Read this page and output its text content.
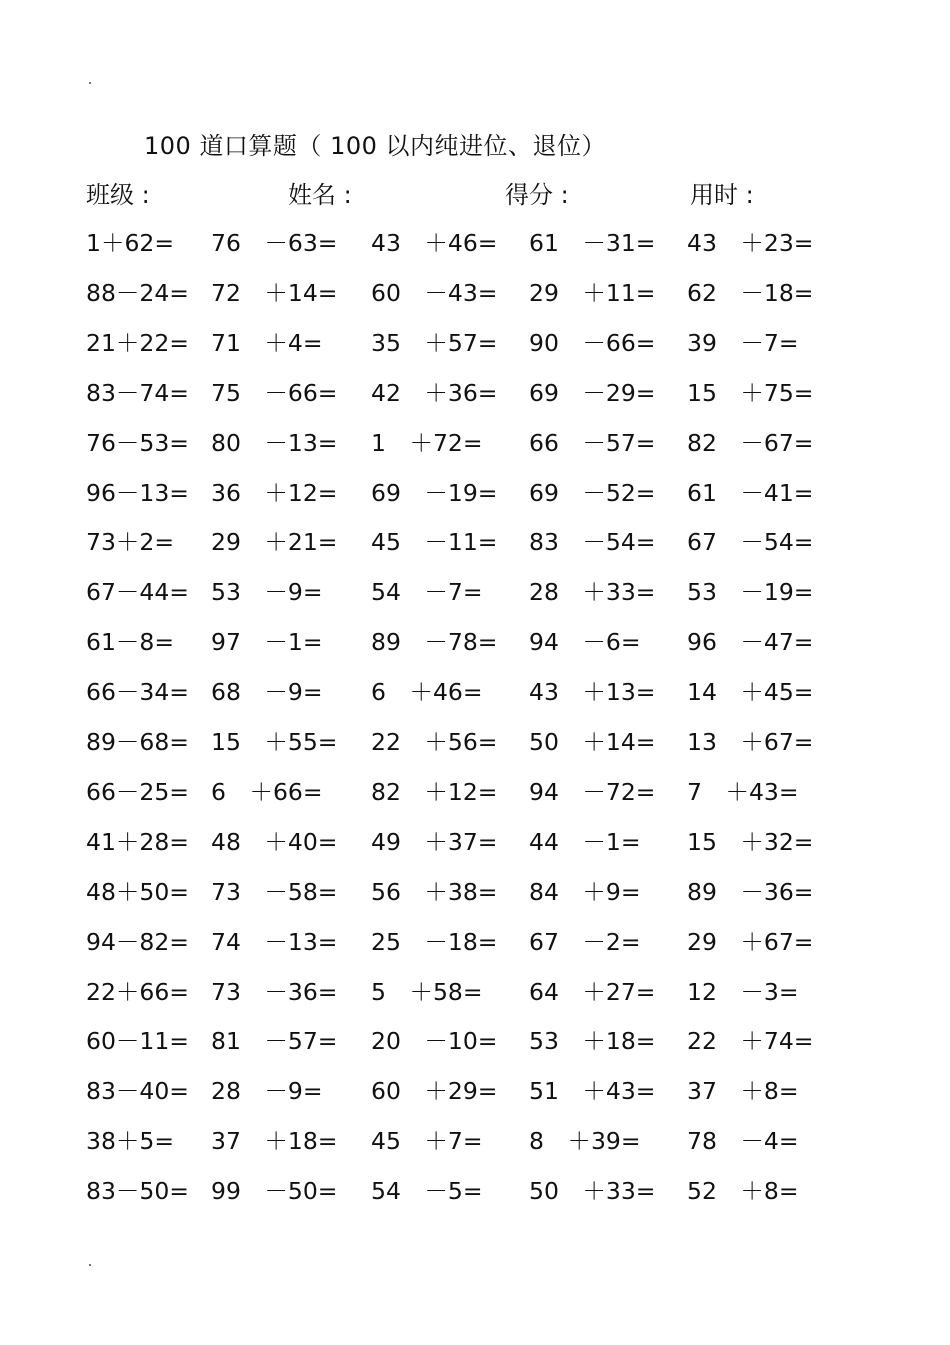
100 道口算题（ 100 以内纯进位、退位）
班级 :	姓名 :	得分 :	用时 :
1＋62= 76　－63= 43　＋46= 61　－31= 43　＋23=
88－24= 72　＋14= 60　－43= 29　＋11= 62　－18=
21＋22= 71　＋4= 35　＋57= 90　－66= 39　－7=
83－74= 75　－66= 42　＋36= 69　－29= 15　＋75=
76－53= 80　－13= 1　＋72= 66　－57= 82　－67=
96－13= 36　＋12= 69　－19= 69　－52= 61　－41=
73＋2= 29　＋21= 45　－11= 83　－54= 67　－54=
67－44= 53　－9= 54　－7= 28　＋33= 53　－19=
61－8= 97　－1= 89　－78= 94　－6= 96　－47=
66－34= 68　－9= 6　＋46= 43　＋13= 14　＋45=
89－68= 15　＋55= 22　＋56= 50　＋14= 13　＋67=
66－25= 6　＋66= 82　＋12= 94　－72= 7　＋43=
41＋28= 48　＋40= 49　＋37= 44　－1= 15　＋32=
48＋50= 73　－58= 56　＋38= 84　＋9= 89　－36=
94－82= 74　－13= 25　－18= 67　－2= 29　＋67=
22＋66= 73　－36= 5　＋58= 64　＋27= 12　－3=
60－11= 81　－57= 20　－10= 53　＋18= 22　＋74=
83－40= 28　－9= 60　＋29= 51　＋43= 37　＋8=
38＋5= 37　＋18= 45　＋7= 8　＋39= 78　－4=
83－50= 99　－50= 54　－5= 50　＋33= 52　＋8=
